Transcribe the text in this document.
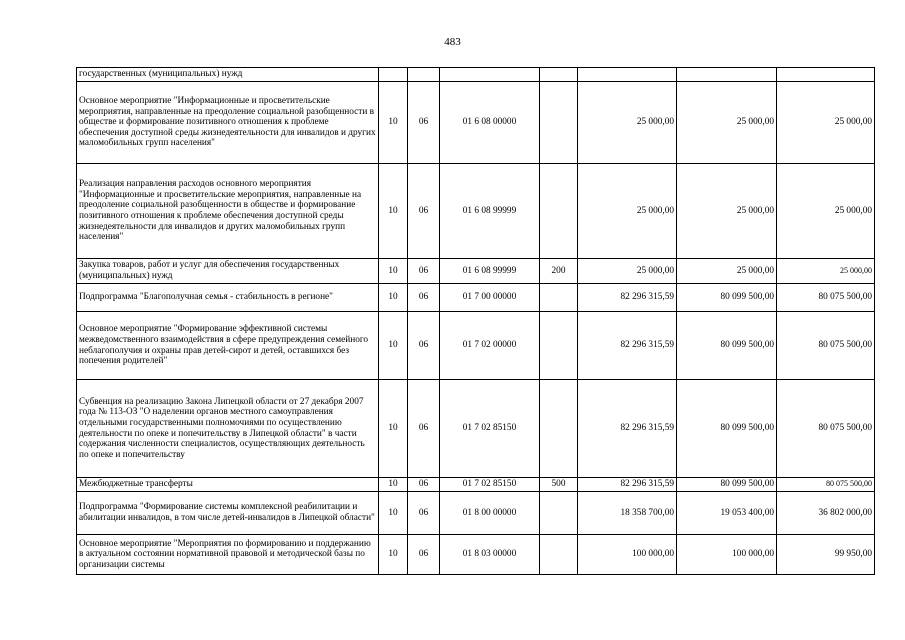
483
государственных (муниципальных) нужд							
Основное мероприятие "Информационные и просветительские мероприятия, направленные на преодоление социальной разобщенности в обществе и формирование позитивного отношения к проблеме обеспечения доступной среды жизнедеятельности для инвалидов и других маломобильных групп населения"	10	06	01 6 08 00000		25 000,00	25 000,00	25 000,00
Реализация направления расходов основного мероприятия "Информационные и просветительские мероприятия, направленные на преодоление социальной разобщенности в обществе и формирование позитивного отношения к проблеме обеспечения доступной среды жизнедеятельности для инвалидов и других маломобильных групп населения"	10	06	01 6 08 99999		25 000,00	25 000,00	25 000,00
Закупка товаров, работ и услуг для обеспечения государственных (муниципальных) нужд	10	06	01 6 08 99999	200	25 000,00	25 000,00	25 000,00
Подпрограмма "Благополучная семья - стабильность в регионе"	10	06	01 7 00 00000		82 296 315,59	80 099 500,00	80 075 500,00
Основное мероприятие "Формирование эффективной системы межведомственного взаимодействия в сфере предупреждения семейного неблагополучия и охраны прав детей-сирот и детей, оставшихся без попечения родителей"	10	06	01 7 02 00000		82 296 315,59	80 099 500,00	80 075 500,00
Субвенция на реализацию Закона Липецкой области от 27 декабря 2007 года № 113-ОЗ "О наделении органов местного самоуправления отдельными государственными полномочиями по осуществлению деятельности по опеке и попечительству в Липецкой области" в части содержания численности специалистов, осуществляющих деятельность по опеке и попечительству	10	06	01 7 02 85150		82 296 315,59	80 099 500,00	80 075 500,00
Межбюджетные трансферты	10	06	01 7 02 85150	500	82 296 315,59	80 099 500,00	80 075 500,00
Подпрограмма "Формирование системы комплексной реабилитации и абилитации инвалидов, в том числе детей-инвалидов в Липецкой области"	10	06	01 8 00 00000		18 358 700,00	19 053 400,00	36 802 000,00
Основное мероприятие "Мероприятия по формированию и поддержанию в актуальном состоянии нормативной правовой и методической базы по организации системы	10	06	01 8 03 00000		100 000,00	100 000,00	99 950,00
